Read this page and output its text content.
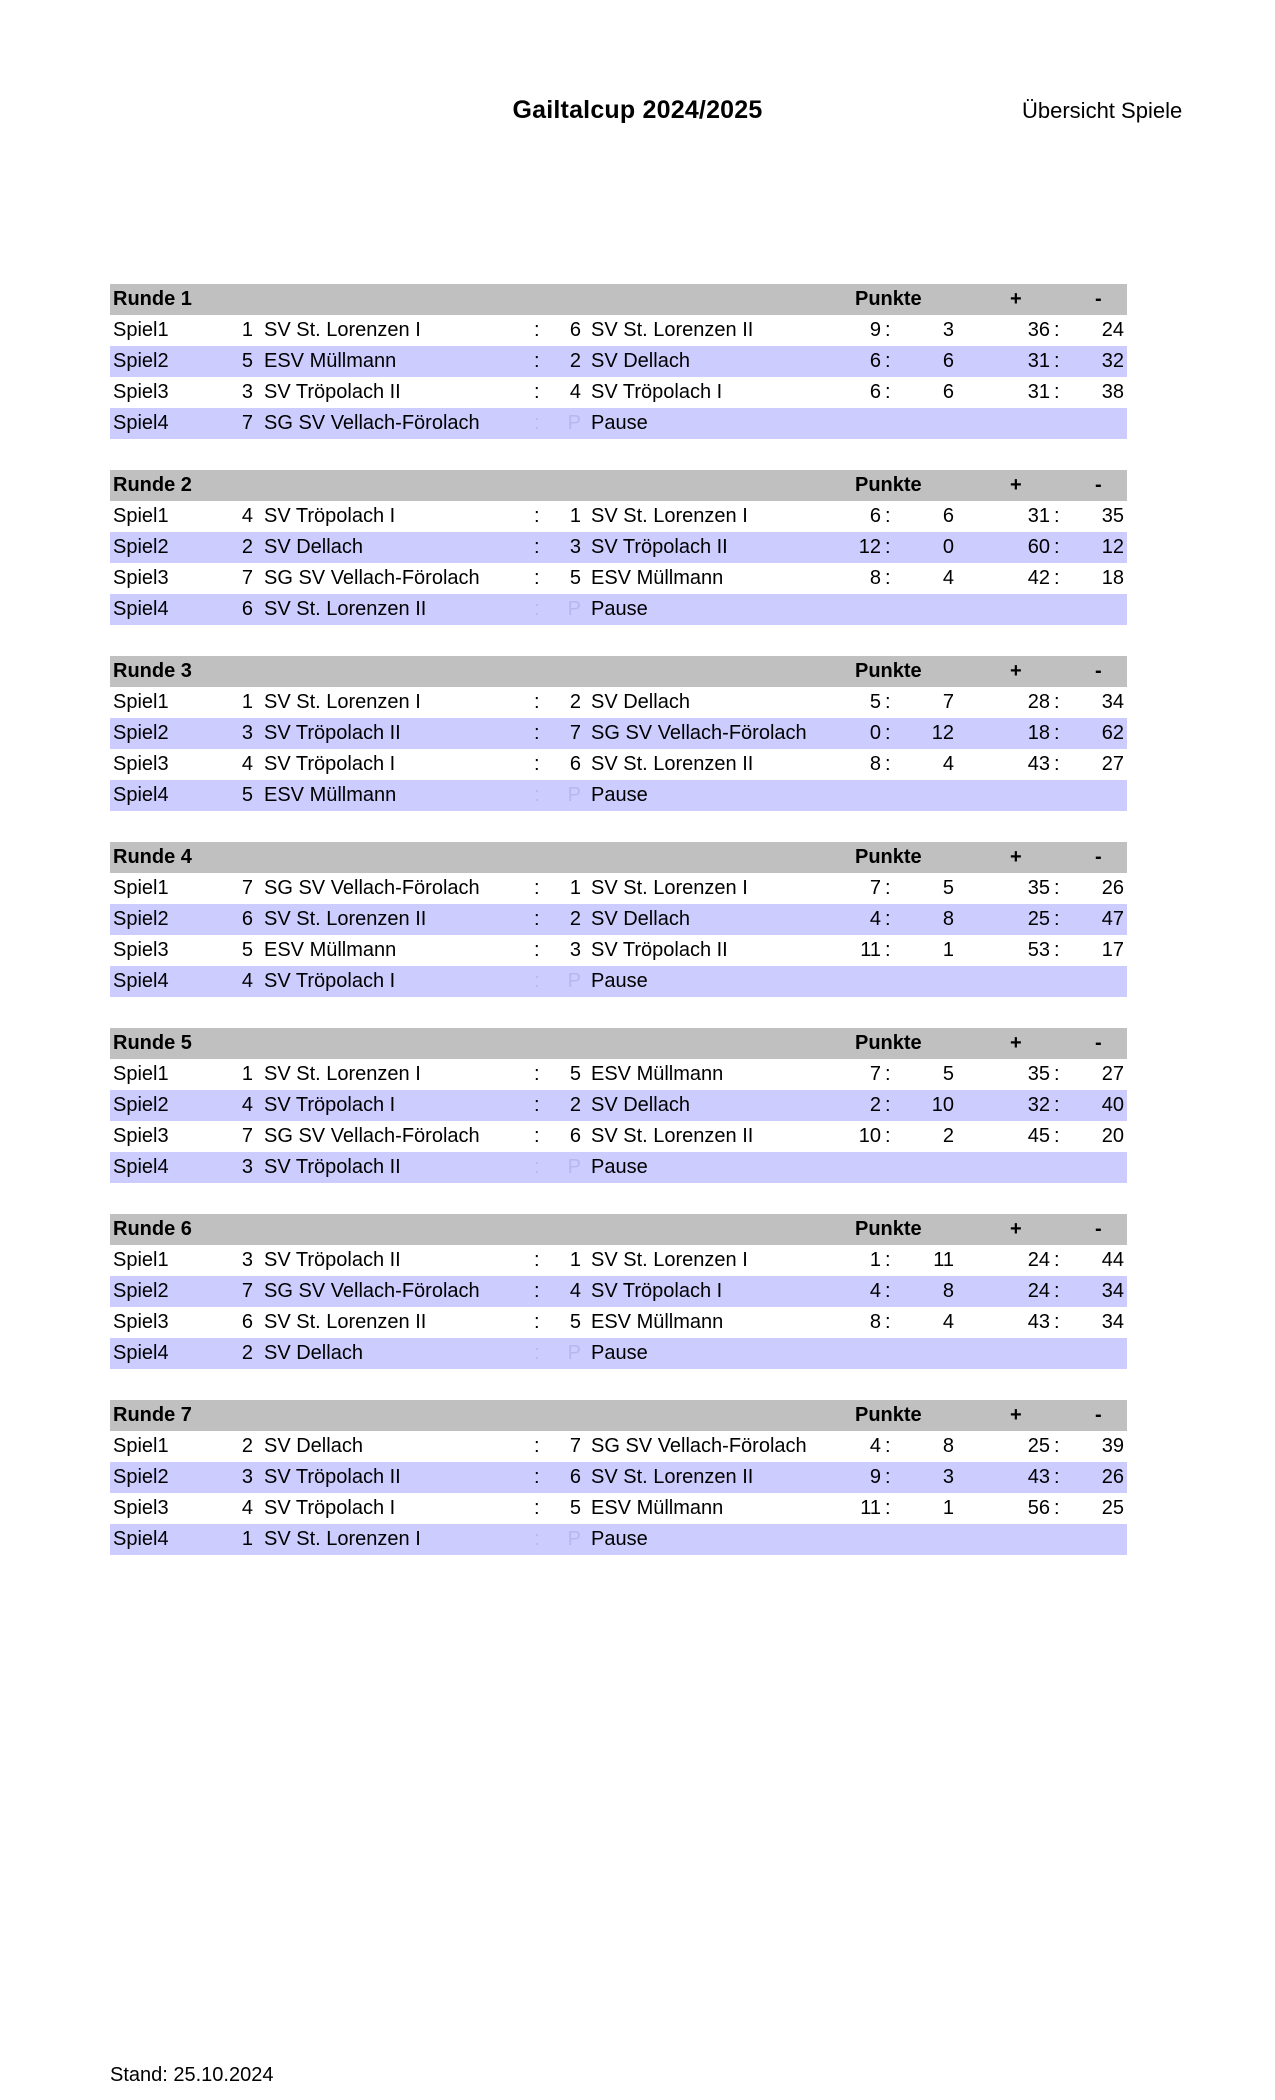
Gailtalcup 2024/2025	Übersicht Spiele
Runde 1	Punkte	+	-
Spiel1	1 SV St. Lorenzen I	:	6 SV St. Lorenzen II	9 :	3	36 :	24
Spiel2	5 ESV Müllmann	:	2 SV Dellach	6 :	6	31 :	32
Spiel3	3 SV Tröpolach II	:	4 SV Tröpolach I	6 :	6	31 :	38
Spiel4	7 SG SV Vellach-Förolach	:	P Pause
Runde 2	Punkte	+	-
Spiel1	4 SV Tröpolach I	:	1 SV St. Lorenzen I	6 :	6	31 :	35
Spiel2	2 SV Dellach	:	3 SV Tröpolach II	12 :	0	60 :	12
Spiel3	7 SG SV Vellach-Förolach	:	5 ESV Müllmann	8 :	4	42 :	18
Spiel4	6 SV St. Lorenzen II	:	P Pause
Runde 3	Punkte	+	-
Spiel1	1 SV St. Lorenzen I	:	2 SV Dellach	5 :	7	28 :	34
Spiel2	3 SV Tröpolach II	:	7 SG SV Vellach-Förolach	0 :	12	18 :	62
Spiel3	4 SV Tröpolach I	:	6 SV St. Lorenzen II	8 :	4	43 :	27
Spiel4	5 ESV Müllmann	:	P Pause
Runde 4	Punkte	+	-
Spiel1	7 SG SV Vellach-Förolach	:	1 SV St. Lorenzen I	7 :	5	35 :	26
Spiel2	6 SV St. Lorenzen II	:	2 SV Dellach	4 :	8	25 :	47
Spiel3	5 ESV Müllmann	:	3 SV Tröpolach II	11 :	1	53 :	17
Spiel4	4 SV Tröpolach I	:	P Pause
Runde 5	Punkte	+	-
Spiel1	1 SV St. Lorenzen I	:	5 ESV Müllmann	7 :	5	35 :	27
Spiel2	4 SV Tröpolach I	:	2 SV Dellach	2 :	10	32 :	40
Spiel3	7 SG SV Vellach-Förolach	:	6 SV St. Lorenzen II	10 :	2	45 :	20
Spiel4	3 SV Tröpolach II	:	P Pause
Runde 6	Punkte	+	-
Spiel1	3 SV Tröpolach II	:	1 SV St. Lorenzen I	1 :	11	24 :	44
Spiel2	7 SG SV Vellach-Förolach	:	4 SV Tröpolach I	4 :	8	24 :	34
Spiel3	6 SV St. Lorenzen II	:	5 ESV Müllmann	8 :	4	43 :	34
Spiel4	2 SV Dellach	:	P Pause
Runde 7	Punkte	+	-
Spiel1	2 SV Dellach	:	7 SG SV Vellach-Förolach	4 :	8	25 :	39
Spiel2	3 SV Tröpolach II	:	6 SV St. Lorenzen II	9 :	3	43 :	26
Spiel3	4 SV Tröpolach I	:	5 ESV Müllmann	11 :	1	56 :	25
Spiel4	1 SV St. Lorenzen I	:	P Pause
Stand: 25.10.2024
